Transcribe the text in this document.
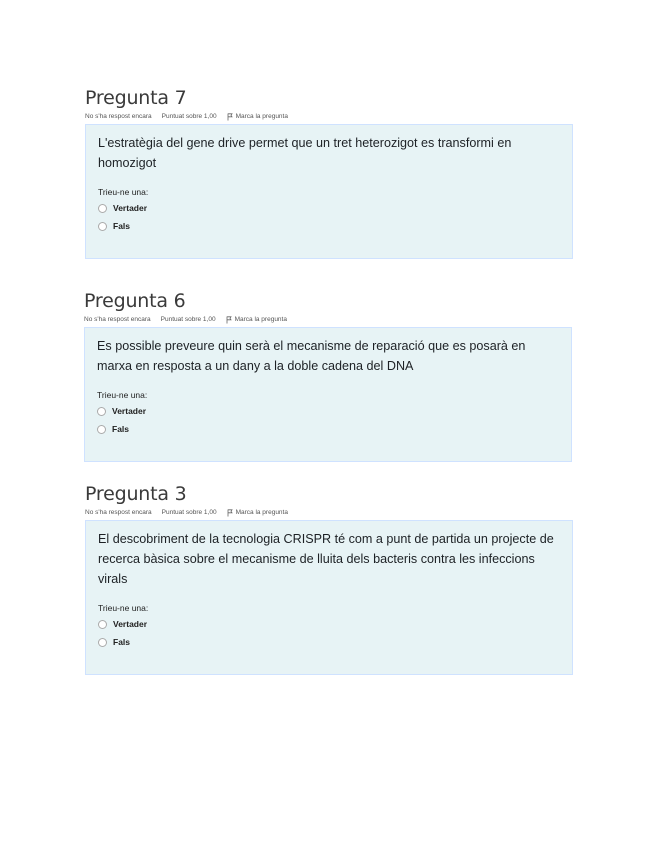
Pregunta 7
No s'ha respost encara Puntuat sobre 1,00	Marca la pregunta

L'estratègia del gene drive permet que un tret heterozigot es transformi en homozigot

Trieu-ne una:
Vertader
Fals
Pregunta 6
No s'ha respost encara Puntuat sobre 1,00	Marca la pregunta

Es possible preveure quin serà el mecanisme de reparació que es posarà en marxa en resposta a un dany a la doble cadena del DNA

Trieu-ne una:
Vertader
Fals
Pregunta 3
No s'ha respost encara Puntuat sobre 1,00	Marca la pregunta

El descobriment de la tecnologia CRISPR té com a punt de partida un projecte de recerca bàsica sobre el mecanisme de lluita dels bacteris contra les infeccions virals

Trieu-ne una:
Vertader
Fals
